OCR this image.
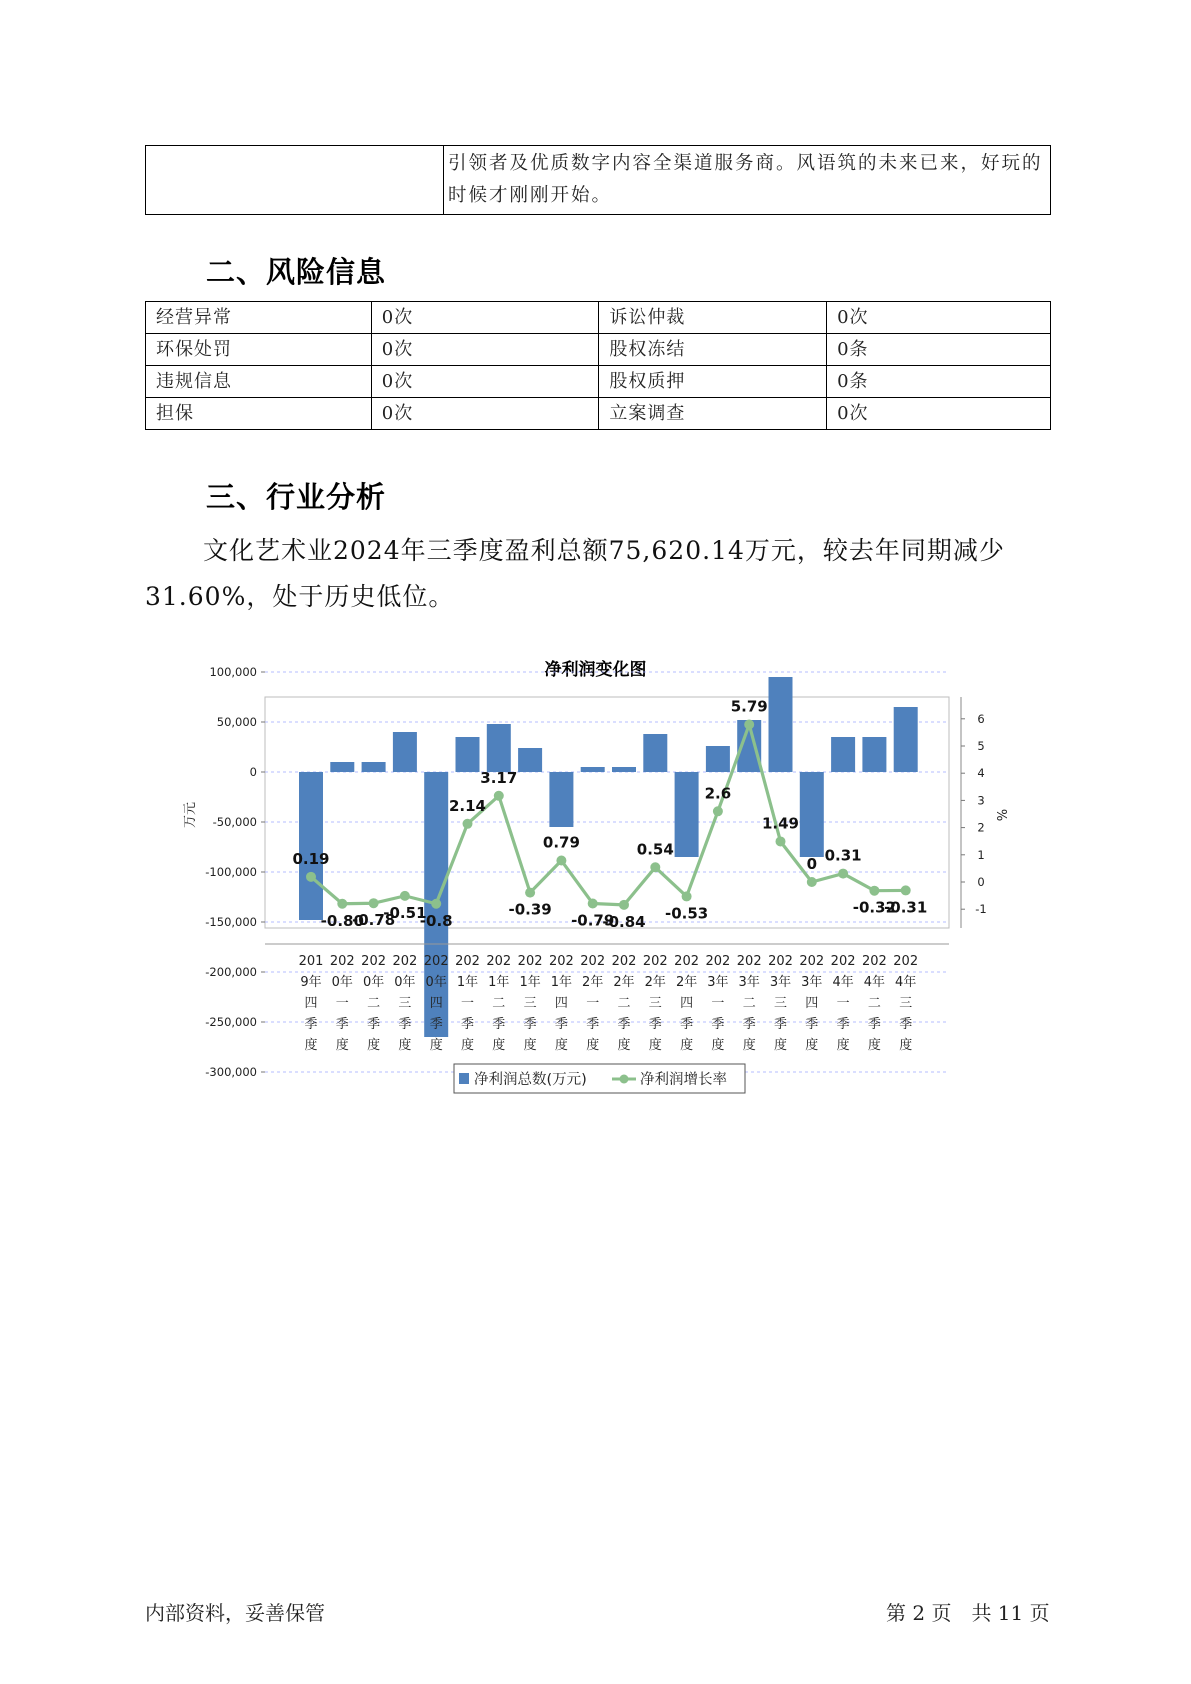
	引领者及优质数字内容全渠道服务商。风语筑的未来已来，好玩的时候才刚刚开始。
二、风险信息
经营异常	0次	诉讼仲裁	0次
环保处罚	0次	股权冻结	0条
违规信息	0次	股权质押	0条
担保	0次	立案调查	0次
三、行业分析

文化艺术业2024年三季度盈利总额75,620.14万元，较去年同期减少31.60%，处于历史低位。

净利润变化图
100,000
50,000
0
-50,000
-100,000
-150,000
-200,000
-250,000
-300,000
万元
6
5
4
3
2
1
0
-1
%
0.19
-0.80
-0.78
-0.51
-0.8
2.14
3.17
-0.39
0.79
-0.79
-0.84
0.54
-0.53
2.6
5.79
1.49
0 0.31
-0.32
-0.31
201
9年
四
季
度
202
0年
一
季
度
202
0年
二
季
度
202
0年
三
季
度
202
0年
四
季
度
202
1年
一
季
度
202
1年
二
季
度
202
1年
三
季
度
202
1年
四
季
度
202
2年
一
季
度
202
2年
二
季
度
202
2年
三
季
度
202
2年
四
季
度
202
3年
一
季
度
202
3年
二
季
度
202
3年
三
季
度
202
3年
四
季
度
202
4年
一
季
度
202
4年
二
季
度
202
4年
三
季
度
净利润总数(万元)	净利润增长率
内部资料，妥善保管	第 2 页　共 11 页
